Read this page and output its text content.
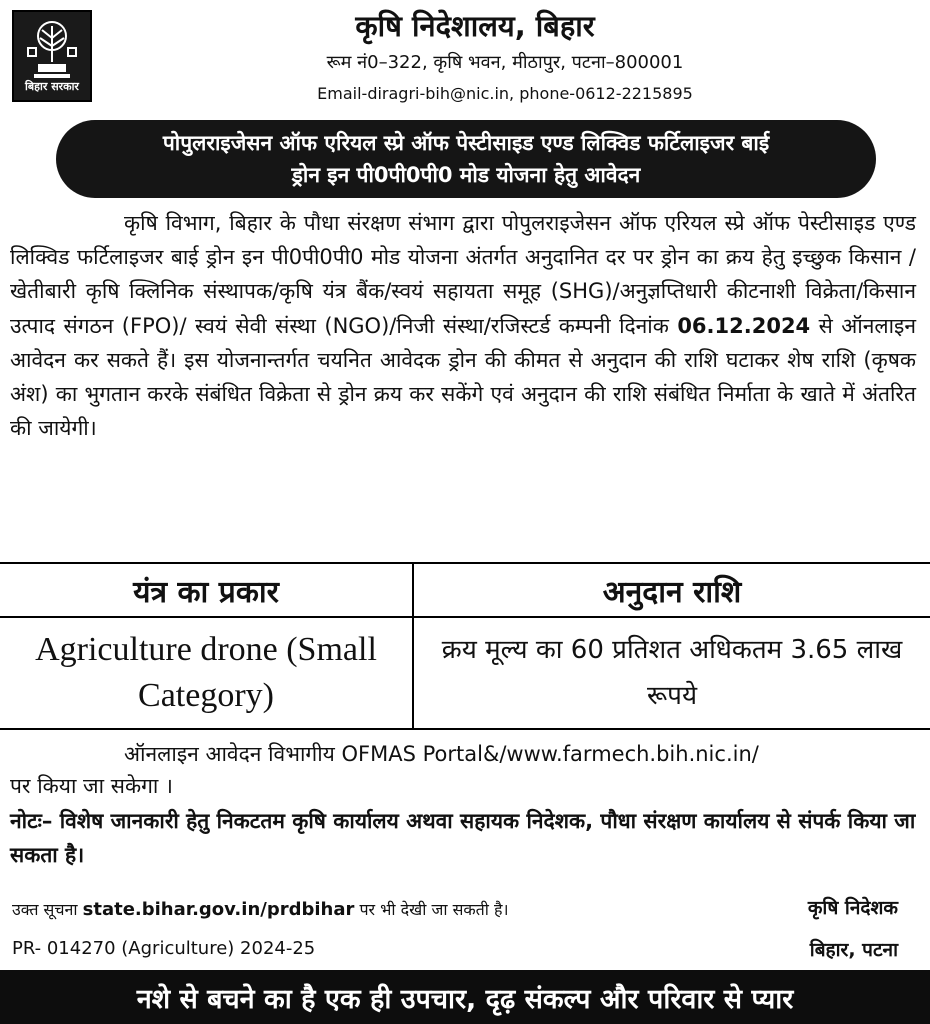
बिहार सरकार
कृषि निदेशालय, बिहार
रूम नं0–322, कृषि भवन, मीठापुर, पटना–800001
Email-diragri-bih@nic.in, phone-0612-2215895
पोपुलराइजेसन ऑफ एरियल स्प्रे ऑफ पेस्टीसाइड एण्ड लिक्विड फर्टिलाइजर बाई
ड्रोन इन पी0पी0पी0 मोड योजना हेतु आवेदन

कृषि विभाग, बिहार के पौधा संरक्षण संभाग द्वारा पोपुलराइजेसन ऑफ एरियल स्प्रे ऑफ पेस्टीसाइड एण्ड लिक्विड फर्टिलाइजर बाई ड्रोन इन पी0पी0पी0 मोड योजना अंतर्गत अनुदानित दर पर ड्रोन का क्रय हेतु इच्छुक किसान /खेतीबारी कृषि क्लिनिक संस्थापक/कृषि यंत्र बैंक/स्वयं सहायता समूह (SHG)/अनुज्ञप्तिधारी कीटनाशी विक्रेता/किसान उत्पाद संगठन (FPO)/ स्वयं सेवी संस्था (NGO)/निजी संस्था/रजिस्टर्ड कम्पनी दिनांक 06.12.2024 से ऑनलाइन आवेदन कर सकते हैं। इस योजनान्तर्गत चयनित आवेदक ड्रोन की कीमत से अनुदान की राशि घटाकर शेष राशि (कृषक अंश) का भुगतान करके संबंधित विक्रेता से ड्रोन क्रय कर सकेंगे एवं अनुदान की राशि संबंधित निर्माता के खाते में अंतरित की जायेगी।

यंत्र का प्रकार	अनुदान राशि
Agriculture drone (Small Category)
क्रय मूल्य का 60 प्रतिशत अधिकतम 3.65 लाख रूपये
ऑनलाइन आवेदन विभागीय OFMAS Portal&/www.farmech.bih.nic.in/
पर किया जा सकेगा ।
नोटः– विशेष जानकारी हेतु निकटतम कृषि कार्यालय अथवा सहायक निदेशक, पौधा संरक्षण कार्यालय से संपर्क किया जा सकता है।
उक्त सूचना state.bihar.gov.in/prdbihar पर भी देखी जा सकती है।
PR- 014270 (Agriculture) 2024-25
कृषि निदेशक
बिहार, पटना
नशे से बचने का है एक ही उपचार, दृढ़ संकल्प और परिवार से प्यार
